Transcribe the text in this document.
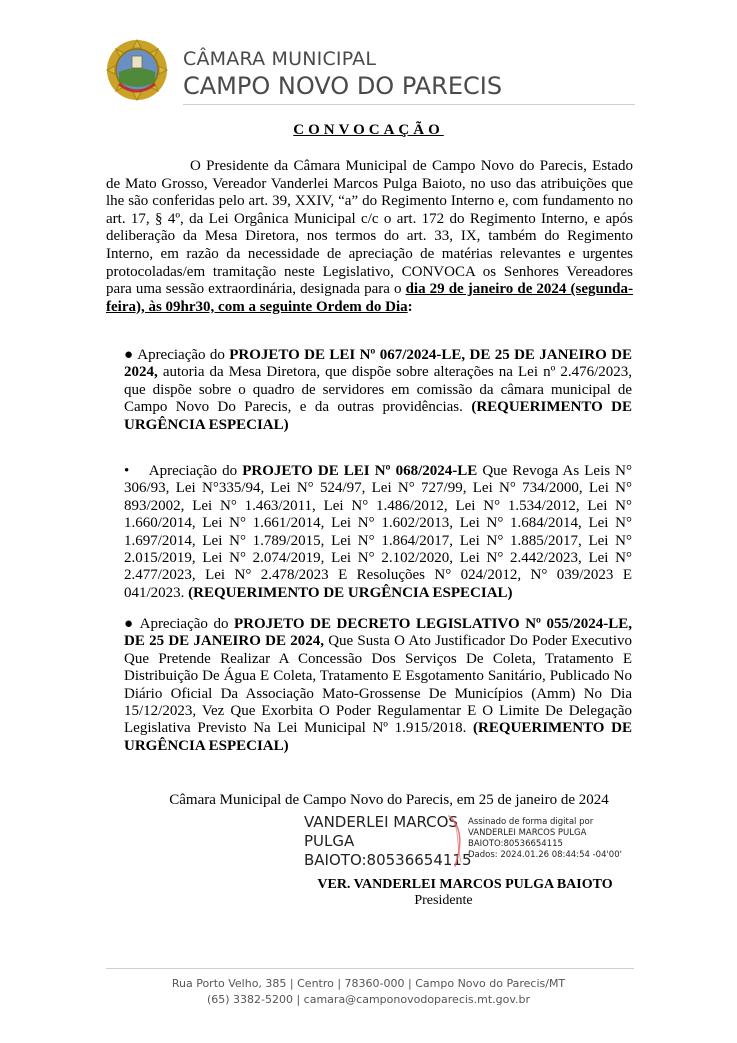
CÂMARA MUNICIPAL
CAMPO NOVO DO PARECIS
CONVOCAÇÃO
O Presidente da Câmara Municipal de Campo Novo do Parecis, Estado de Mato Grosso, Vereador Vanderlei Marcos Pulga Baioto, no uso das atribuições que lhe são conferidas pelo art. 39, XXIV, “a” do Regimento Interno e, com fundamento no art. 17, § 4º, da Lei Orgânica Municipal c/c o art. 172 do Regimento Interno, e após deliberação da Mesa Diretora, nos termos do art. 33, IX, também do Regimento Interno, em razão da necessidade de apreciação de matérias relevantes e urgentes protocoladas/em tramitação neste Legislativo, CONVOCA os Senhores Vereadores para uma sessão extraordinária, designada para o dia 29 de janeiro de 2024 (segunda-feira), às 09hr30, com a seguinte Ordem do Dia:
● Apreciação do PROJETO DE LEI Nº 067/2024-LE, DE 25 DE JANEIRO DE 2024, autoria da Mesa Diretora, que dispõe sobre alterações na Lei nº 2.476/2023, que dispõe sobre o quadro de servidores em comissão da câmara municipal de Campo Novo Do Parecis, e da outras providências. (REQUERIMENTO DE URGÊNCIA ESPECIAL)
• Apreciação do PROJETO DE LEI Nº 068/2024-LE Que Revoga As Leis N° 306/93, Lei N°335/94, Lei N° 524/97, Lei N° 727/99, Lei N° 734/2000, Lei N° 893/2002, Lei N° 1.463/2011, Lei N° 1.486/2012, Lei N° 1.534/2012, Lei N° 1.660/2014, Lei N° 1.661/2014, Lei N° 1.602/2013, Lei N° 1.684/2014, Lei N° 1.697/2014, Lei N° 1.789/2015, Lei N° 1.864/2017, Lei N° 1.885/2017, Lei N° 2.015/2019, Lei N° 2.074/2019, Lei N° 2.102/2020, Lei N° 2.442/2023, Lei N° 2.477/2023, Lei N° 2.478/2023 E Resoluções N° 024/2012, N° 039/2023 E 041/2023. (REQUERIMENTO DE URGÊNCIA ESPECIAL)
● Apreciação do PROJETO DE DECRETO LEGISLATIVO Nº 055/2024-LE, DE 25 DE JANEIRO DE 2024, Que Susta O Ato Justificador Do Poder Executivo Que Pretende Realizar A Concessão Dos Serviços De Coleta, Tratamento E Distribuição De Água E Coleta, Tratamento E Esgotamento Sanitário, Publicado No Diário Oficial Da Associação Mato-Grossense De Municípios (Amm) No Dia 15/12/2023, Vez Que Exorbita O Poder Regulamentar E O Limite De Delegação Legislativa Previsto Na Lei Municipal Nº 1.915/2018. (REQUERIMENTO DE URGÊNCIA ESPECIAL)
Câmara Municipal de Campo Novo do Parecis, em 25 de janeiro de 2024
VANDERLEI MARCOS
PULGA
BAIOTO:80536654115
Assinado de forma digital por
VANDERLEI MARCOS PULGA
BAIOTO:80536654115
Dados: 2024.01.26 08:44:54 -04'00'
VER. VANDERLEI MARCOS PULGA BAIOTO
Presidente
Rua Porto Velho, 385 | Centro | 78360-000 | Campo Novo do Parecis/MT
(65) 3382-5200 | camara@camponovodoparecis.mt.gov.br
